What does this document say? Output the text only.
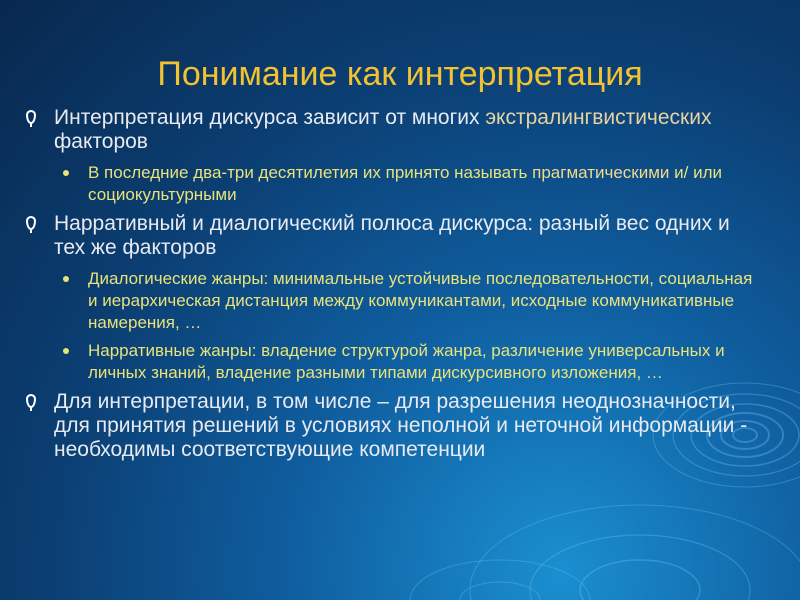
Понимание как интерпретация
Интерпретация дискурса зависит от многих экстралингвистических факторов
В последние два-три десятилетия их принято называть прагматическими и/ или социокультурными
Нарративный и диалогический полюса дискурса: разный вес одних и тех же факторов
Диалогические жанры: минимальные устойчивые последовательности, социальная и иерархическая дистанция между коммуникантами, исходные коммуникативные намерения, …
Нарративные жанры: владение структурой жанра, различение универсальных и личных знаний, владение разными типами дискурсивного изложения, …
Для интерпретации, в том числе – для разрешения неоднозначности, для принятия решений в условиях неполной и неточной информации - необходимы соответствующие компетенции
